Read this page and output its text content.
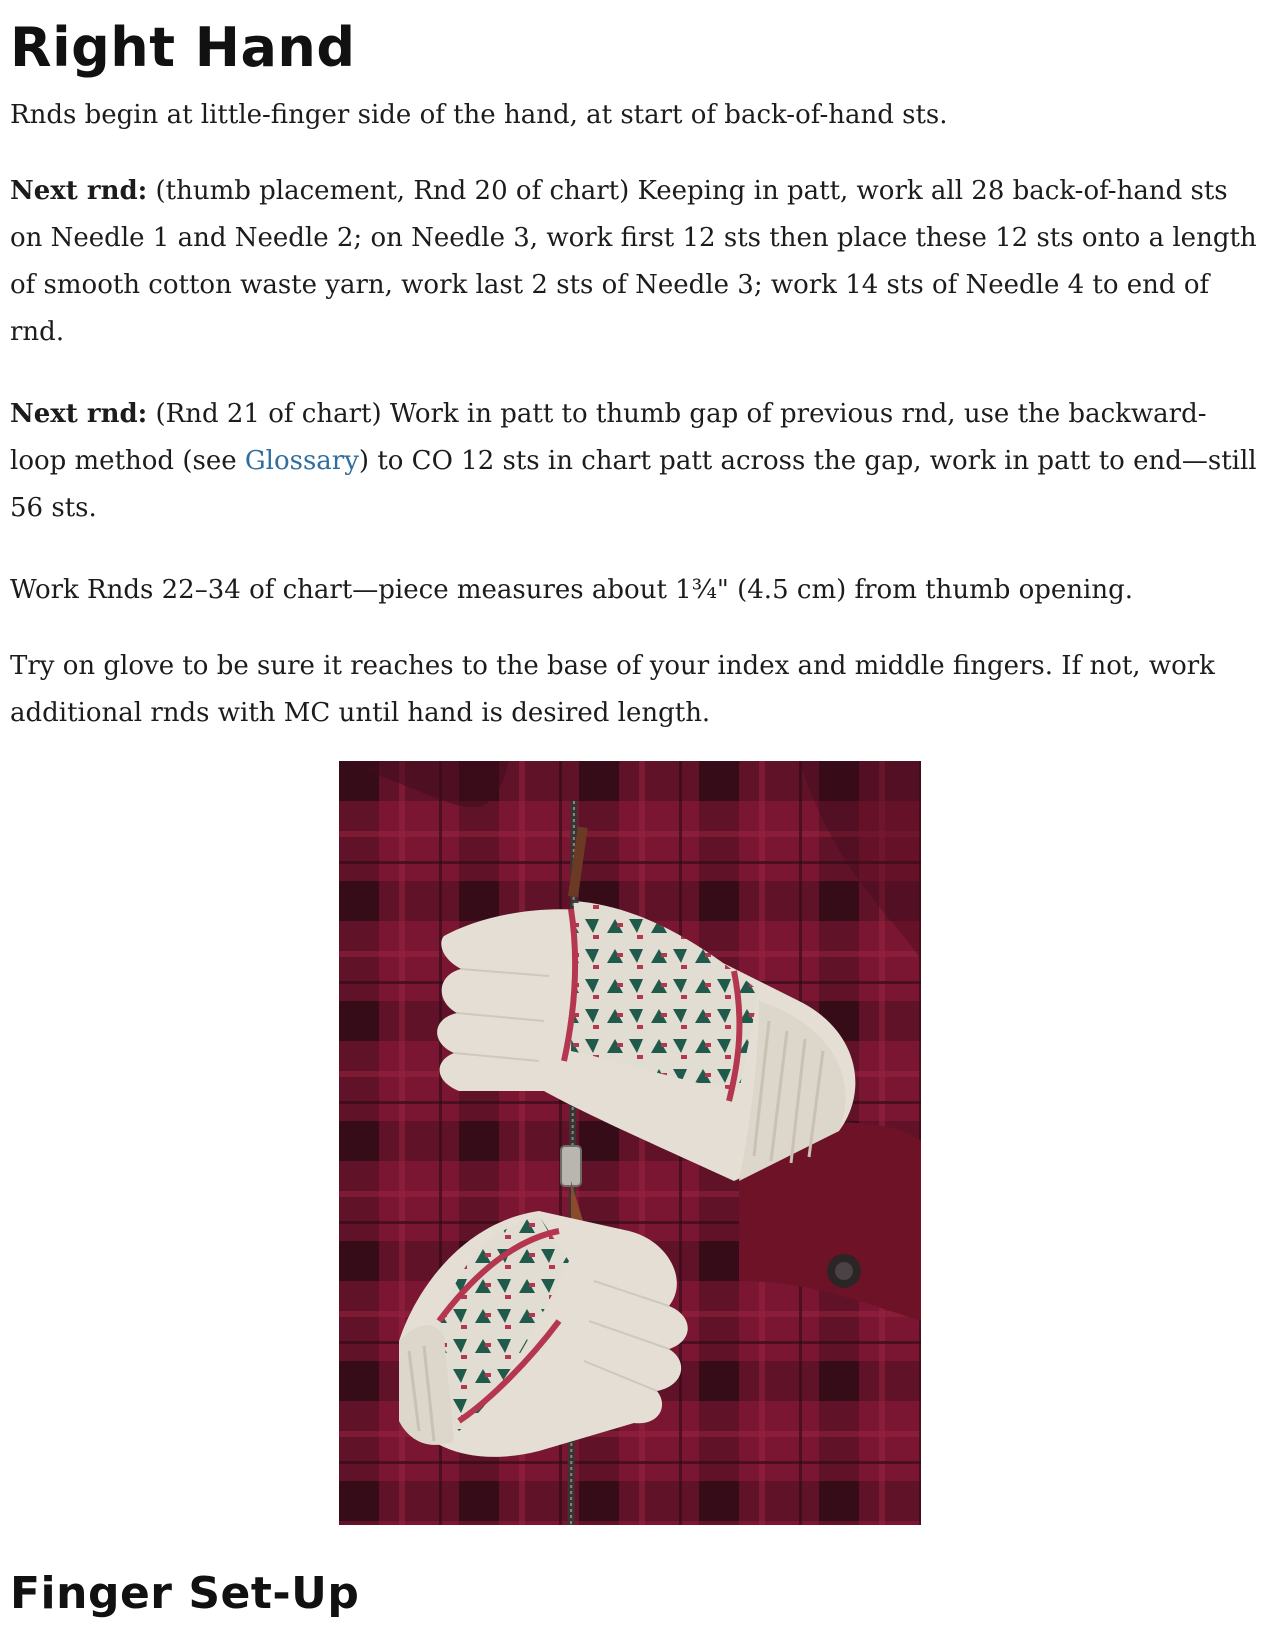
Right Hand

Rnds begin at little-finger side of the hand, at start of back-of-hand sts.

Next rnd: (thumb placement, Rnd 20 of chart) Keeping in patt, work all 28 back-of-hand sts on Needle 1 and Needle 2; on Needle 3, work first 12 sts then place these 12 sts onto a length of smooth cotton waste yarn, work last 2 sts of Needle 3; work 14 sts of Needle 4 to end of rnd.

Next rnd: (Rnd 21 of chart) Work in patt to thumb gap of previous rnd, use the backward-loop method (see Glossary) to CO 12 sts in chart patt across the gap, work in patt to end—still 56 sts.

Work Rnds 22–34 of chart—piece measures about 1¾" (4.5 cm) from thumb opening.

Try on glove to be sure it reaches to the base of your index and middle fingers. If not, work additional rnds with MC until hand is desired length.

Finger Set-Up
